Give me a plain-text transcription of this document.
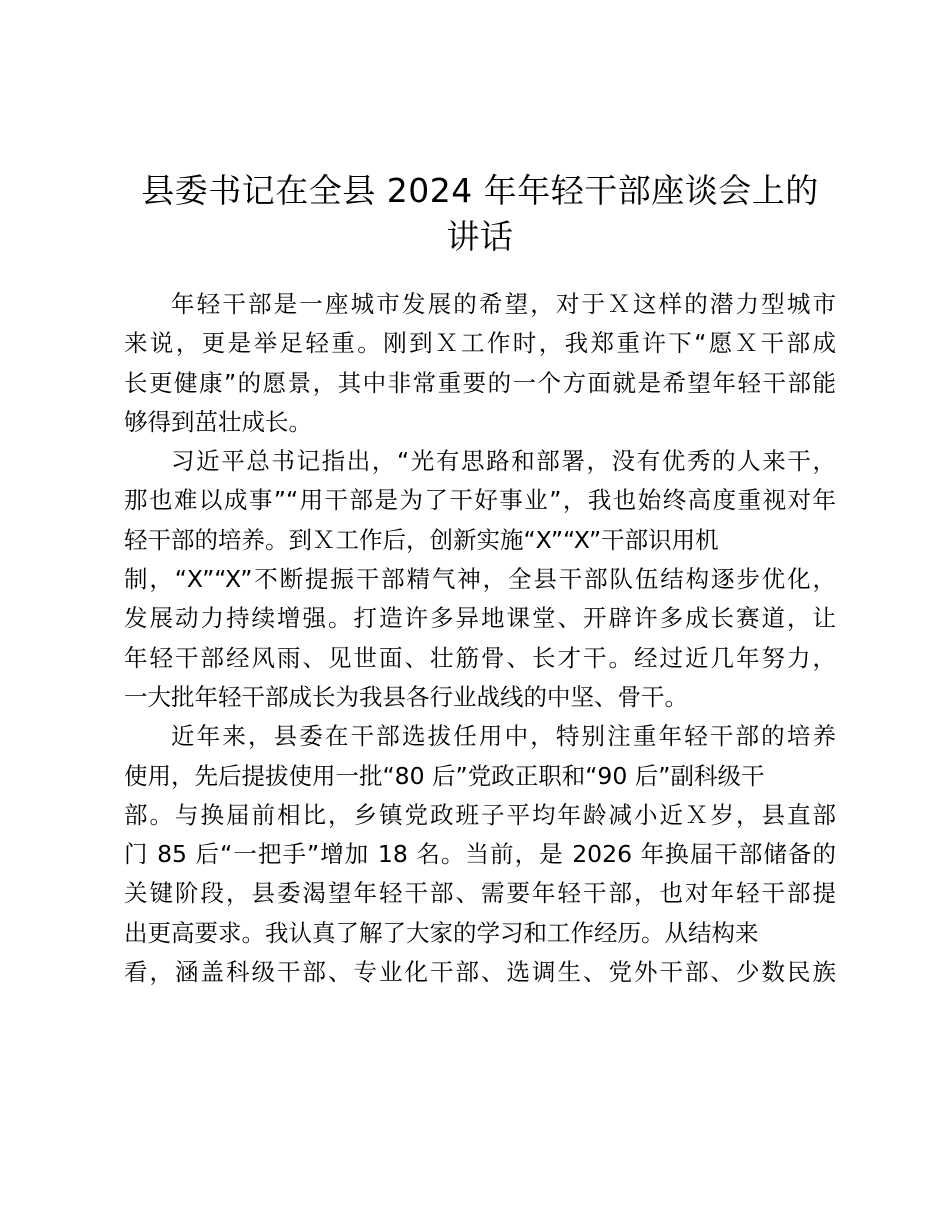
县委书记在全县 2024 年年轻干部座谈会上的
讲话
年轻干部是一座城市发展的希望，对于Ｘ这样的潜力型城市
来说，更是举足轻重。刚到Ｘ工作时，我郑重许下“愿Ｘ干部成
长更健康”的愿景，其中非常重要的一个方面就是希望年轻干部能
够得到茁壮成长。
习近平总书记指出，“光有思路和部署，没有优秀的人来干，
那也难以成事”“用干部是为了干好事业”，我也始终高度重视对年
轻干部的培养。到Ｘ工作后，创新实施“X”“X”干部识用机
制，“X”“X”不断提振干部精气神，全县干部队伍结构逐步优化，
发展动力持续增强。打造许多异地课堂、开辟许多成长赛道，让
年轻干部经风雨、见世面、壮筋骨、长才干。经过近几年努力，
一大批年轻干部成长为我县各行业战线的中坚、骨干。
近年来，县委在干部选拔任用中，特别注重年轻干部的培养
使用，先后提拔使用一批“80 后”党政正职和“90 后”副科级干
部。与换届前相比，乡镇党政班子平均年龄减小近Ｘ岁，县直部
门 85 后“一把手”增加 18 名。当前，是 2026 年换届干部储备的
关键阶段，县委渴望年轻干部、需要年轻干部，也对年轻干部提
出更高要求。我认真了解了大家的学习和工作经历。从结构来
看，涵盖科级干部、专业化干部、选调生、党外干部、少数民族
